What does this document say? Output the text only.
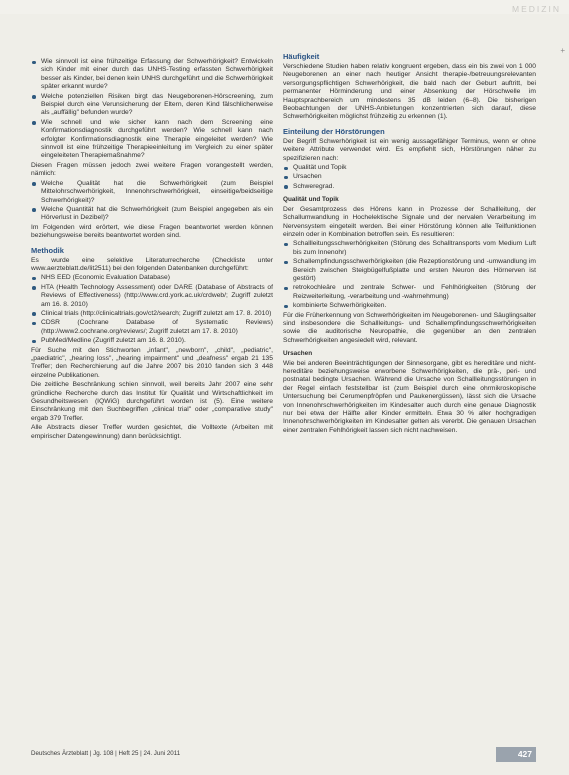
MEDIZIN
+
Wie sinnvoll ist eine frühzeitige Erfassung der Schwerhörigkeit? Entwickeln sich Kinder mit einer durch das UNHS-Testing erfassten Schwerhörigkeit besser als Kinder, bei denen kein UNHS durchgeführt und die Schwerhörigkeit später erkannt wurde?
Welche potenziellen Risiken birgt das Neugeborenen-Hörscreening, zum Beispiel durch eine Verunsicherung der Eltern, deren Kind fälschlicherweise als „auffällig" befunden wurde?
Wie schnell und wie sicher kann nach dem Screening eine Konfirmationsdiagnostik durchgeführt werden? Wie schnell kann nach erfolgter Konfirmationsdiagnostik eine Therapie eingeleitet werden? Wie sinnvoll ist eine frühzeitige Therapieeinleitung im Vergleich zu einer später eingeleiteten Therapiemaßnahme?

Diesen Fragen müssen jedoch zwei weitere Fragen vorangestellt werden, nämlich:

Welche Qualität hat die Schwerhörigkeit (zum Beispiel Mittelohrschwerhörigkeit, Innenohrschwerhörigkeit, einseitige/beidseitige Schwerhörigkeit)?
Welche Quantität hat die Schwerhörigkeit (zum Beispiel angegeben als ein Hörverlust in Dezibel)?

Im Folgenden wird erörtert, wie diese Fragen beantwortet werden können beziehungsweise bereits beantwortet worden sind.

Methodik

Es wurde eine selektive Literaturrecherche (Checkliste unter www.aerzteblatt.de/lit2511) bei den folgenden Datenbanken durchgeführt:

NHS EED (Economic Evaluation Database)
HTA (Health Technology Assessment) oder DARE (Database of Abstracts of Reviews of Effectiveness) (http://www.crd.york.ac.uk/crdweb/; Zugriff zuletzt am 16. 8. 2010)
Clinical trials (http://clinicaltrials.gov/ct2/search; Zugriff zuletzt am 17. 8. 2010)
CDSR (Cochrane Database of Systematic Reviews) (http://www2.cochrane.org/reviews/; Zugriff zuletzt am 17. 8. 2010)
PubMed/Medline (Zugriff zuletzt am 16. 8. 2010).

Für Suche mit den Stichworten „infant", „newborn", „child", „pediatric", „paediatric", „hearing loss", „hearing impairment" und „deafness" ergab 21 135 Treffer; den Recherchierung auf die Jahre 2007 bis 2010 fanden sich 3 448 einzelne Publikationen.

Die zeitliche Beschränkung schien sinnvoll, weil bereits Jahr 2007 eine sehr gründliche Recherche durch das Institut für Qualität und Wirtschaftlichkeit im Gesundheitswesen (IQWiG) durchgeführt worden ist (5). Eine weitere Einschränkung mit den Suchbegriffen „clinical trial" oder „comparative study" ergab 379 Treffer.

Alle Abstracts dieser Treffer wurden gesichtet, die Volltexte (Arbeiten mit empirischer Datengewinnung) dann berücksichtigt.

Häufigkeit

Verschiedene Studien haben relativ kongruent ergeben, dass ein bis zwei von 1 000 Neugeborenen an einer nach heutiger Ansicht therapie-/betreuungsrelevanten versorgungspflichtigen Schwerhörigkeit, die bald nach der Geburt auftritt, bei permanenter Hörminderung und einer Absenkung der Hörschwelle im Hauptsprachbereich um mindestens 35 dB leiden (6–8). Die bisherigen Beobachtungen der UNHS-Anbietungen konzentrierten sich darauf, diese Schwerhörigkeiten möglichst frühzeitig zu erkennen (1).

Einteilung der Hörstörungen

Der Begriff Schwerhörigkeit ist ein wenig aussagefähiger Terminus, wenn er ohne weitere Attribute verwendet wird. Es empfiehlt sich, Hörstörungen näher zu spezifizieren nach:

Qualität und Topik
Ursachen
Schweregrad.
Qualität und Topik

Der Gesamtprozess des Hörens kann in Prozesse der Schallleitung, der Schallumwandlung in Hochelektische Signale und der nervalen Verarbeitung im Nervensystem eingeteilt werden. Bei einer Hörstörung können alle Teilfunktionen einzeln oder in Kombination betroffen sein. Es resultieren:

Schallleitungsschwerhörigkeiten (Störung des Schalltransports vom Medium Luft bis zum Innenohr)
Schallempfindungsschwerhörigkeiten (die Rezeptionstörung und -umwandlung im Bereich zwischen Steigbügelfußplatte und ersten Neuron des Hörnerven ist gestört)
retrokochleäre und zentrale Schwer- und Fehlhörigkeiten (Störung der Reizweiterleitung, -verarbeitung und -wahrnehmung)
kombinierte Schwerhörigkeiten.

Für die Früherkennung von Schwerhörigkeiten im Neugeborenen- und Säuglingsalter sind insbesondere die Schallleitungs- und Schallempfindungsschwerhörigkeiten sowie die auditorische Neuropathie, die gegenüber an den zentralen Schwerhörigkeiten angesiedelt wird, relevant.

Ursachen

Wie bei anderen Beeinträchtigungen der Sinnesorgane, gibt es hereditäre und nicht-hereditäre beziehungsweise erworbene Schwerhörigkeiten, die prä-, peri- und postnatal bedingte Ursachen. Während die Ursache von Schallleitungsstörungen in der Regel einfach feststellbar ist (zum Beispiel durch eine ohrmikroskopische Untersuchung bei Cerumenpfröpfen und Paukenergüssen), lässt sich die Ursache von Innenohrschwerhörigkeiten im Kindesalter auch durch eine genaue Diagnostik nur bei etwa der Hälfte aller Kinder ermitteln. Etwa 30 % aller hochgradigen Innenohrschwerhörigkeiten im Kindesalter gelten als vererbt. Die genauen Ursachen einer zentralen Fehlhörigkeit lassen sich nicht nachweisen.

Deutsches Ärzteblatt | Jg. 108 | Heft 25 | 24. Juni 2011	427
